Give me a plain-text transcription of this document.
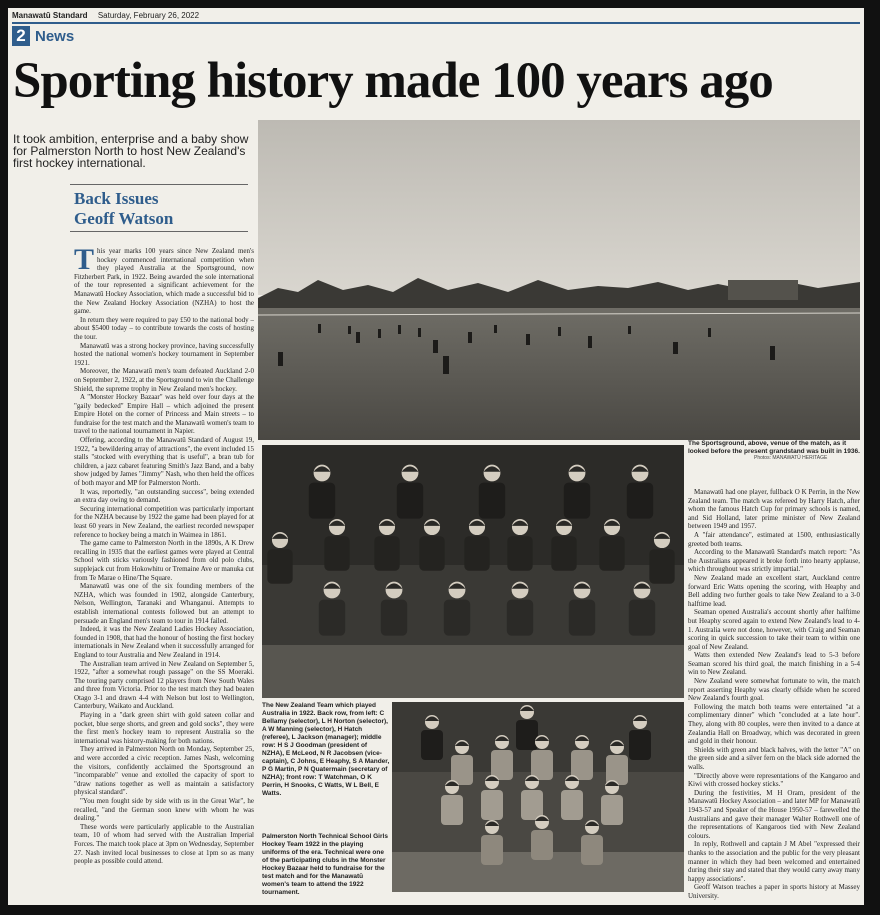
Manawatū Standard Saturday, February 26, 2022
2 News
Sporting history made 100 years ago
It took ambition, enterprise and a baby show for Palmerston North to host New Zealand's first hockey international.
Back Issues
Geoff Watson

This year marks 100 years since New Zealand men's hockey commenced international competition when they played Australia at the Sportsground, now Fitzherbert Park, in 1922. Being awarded the sole international of the tour represented a significant achievement for the Manawatū Hockey Association, which made a successful bid to the New Zealand Hockey Association (NZHA) to host the game.

In return they were required to pay £50 to the national body – about $5400 today – to contribute towards the costs of hosting the tour.

Manawatū was a strong hockey province, having successfully hosted the national women's hockey tournament in September 1921.

Moreover, the Manawatū men's team defeated Auckland 2-0 on September 2, 1922, at the Sportsground to win the Challenge Shield, the supreme trophy in New Zealand men's hockey.

A "Monster Hockey Bazaar" was held over four days at the "gaily bedecked" Empire Hall – which adjoined the present Empire Hotel on the corner of Princess and Main streets – to fundraise for the test match and the Manawatū women's team to travel to the national tournament in Napier.

Offering, according to the Manawatū Standard of August 19, 1922, "a bewildering array of attractions", the event included 15 stalls "stocked with everything that is useful", a bran tub for children, a jazz cabaret featuring Smith's Jazz Band, and a baby show judged by James "Jimmy" Nash, who then held the offices of both mayor and MP for Palmerston North.

It was, reportedly, "an outstanding success", being extended an extra day owing to demand.

Securing international competition was particularly important for the NZHA because by 1922 the game had been played for at least 60 years in New Zealand, the earliest recorded newspaper reference to hockey being a match in Waimea in 1861.

The game came to Palmerston North in the 1890s, A K Drew recalling in 1935 that the earliest games were played at Central School with sticks variously fashioned from old polo clubs, supplejack cut from Hokowhitu or Tremaine Ave or manuka cut from Te Marae o Hine/The Square.

Manawatū was one of the six founding members of the NZHA, which was founded in 1902, alongside Canterbury, Nelson, Wellington, Taranaki and Whanganui. Attempts to establish international contests followed but an attempt to persuade an England men's team to tour in 1914 failed.

Indeed, it was the New Zealand Ladies Hockey Association, founded in 1908, that had the honour of hosting the first hockey internationals in New Zealand when it successfully arranged for England to tour Australia and New Zealand in 1914.

The Australian team arrived in New Zealand on September 5, 1922, "after a somewhat rough passage" on the SS Moeraki. The touring party comprised 12 players from New South Wales and three from Victoria. Prior to the test match they had beaten Otago 3-1 and drawn 4-4 with Nelson but lost to Wellington, Canterbury, Waikato and Auckland.

Playing in a "dark green shirt with gold sateen collar and pocket, blue serge shorts, and green and gold socks", they were the first men's hockey team to represent Australia so the international was history-making for both nations.

They arrived in Palmerston North on Monday, September 25, and were accorded a civic reception. James Nash, welcoming the visitors, confidently acclaimed the Sportsground an "incomparable" venue and extolled the capacity of sport to "draw nations together as well as maintain a satisfactory physical standard".

"You men fought side by side with us in the Great War", he recalled, "and the German soon knew with whom he was dealing."

These words were particularly applicable to the Australian team, 10 of whom had served with the Australian Imperial Forces. The match took place at 3pm on Wednesday, September 27. Nash invited local businesses to close at 1pm so as many people as possible could attend.

The Sportsground, above, venue of the match, as it looked before the present grandstand was built in 1936.
Photos: MANAWATŪ HERITAGE
The New Zealand Team which played Australia in 1922. Back row, from left: C Bellamy (selector), L H Norton (selector), A W Manning (selector), H Hatch (referee), L Jackson (manager); middle row: H S J Goodman (president of NZHA), E McLeod, N R Jacobsen (vice-captain), C Johns, E Heaphy, S A Mander, P G Martin, P N Quatermain (secretary of NZHA); front row: T Watchman, O K Perrin, H Snooks, C Watts, W L Bell, E Watts.
Palmerston North Technical School Girls Hockey Team 1922 in the playing uniforms of the era. Technical were one of the participating clubs in the Monster Hockey Bazaar held to fundraise for the test match and for the Manawatū women's team to attend the 1922 tournament.

Manawatū had one player, fullback O K Perrin, in the New Zealand team. The match was refereed by Harry Hatch, after whom the famous Hatch Cup for primary schools is named, and Sid Holland, later prime minister of New Zealand between 1949 and 1957.

A "fair attendance", estimated at 1500, enthusiastically greeted both teams.

According to the Manawatū Standard's match report: "As the Australians appeared it broke forth into hearty applause, which throughout was strictly impartial."

New Zealand made an excellent start, Auckland centre forward Eric Watts opening the scoring, with Heaphy and Bell adding two further goals to take New Zealand to a 3-0 halftime lead.

Seaman opened Australia's account shortly after halftime but Heaphy scored again to extend New Zealand's lead to 4-1. Australia were not done, however, with Craig and Seaman scoring in quick succession to take their team to within one goal of New Zealand.

Watts then extended New Zealand's lead to 5-3 before Seaman scored his third goal, the match finishing in a 5-4 win to New Zealand.

New Zealand were somewhat fortunate to win, the match report asserting Heaphy was clearly offside when he scored New Zealand's fourth goal.

Following the match both teams were entertained "at a complimentary dinner" which "concluded at a late hour". They, along with 80 couples, were then invited to a dance at Zealandia Hall on Broadway, which was decorated in green and gold in their honour.

Shields with green and black halves, with the letter "A" on the green side and a silver fern on the black side adorned the walls.

"Directly above were representations of the Kangaroo and Kiwi with crossed hockey sticks."

During the festivities, M H Oram, president of the Manawatū Hockey Association – and later MP for Manawatū 1943-57 and Speaker of the House 1950-57 – farewelled the Australians and gave their manager Walter Rothwell one of the representations of Kangaroos tied with New Zealand colours.

In reply, Rothwell and captain J M Abel "expressed their thanks to the association and the public for the very pleasant manner in which they had been welcomed and entertained during their stay and stated that they would carry away many happy associations".

Geoff Watson teaches a paper in sports history at Massey University.
